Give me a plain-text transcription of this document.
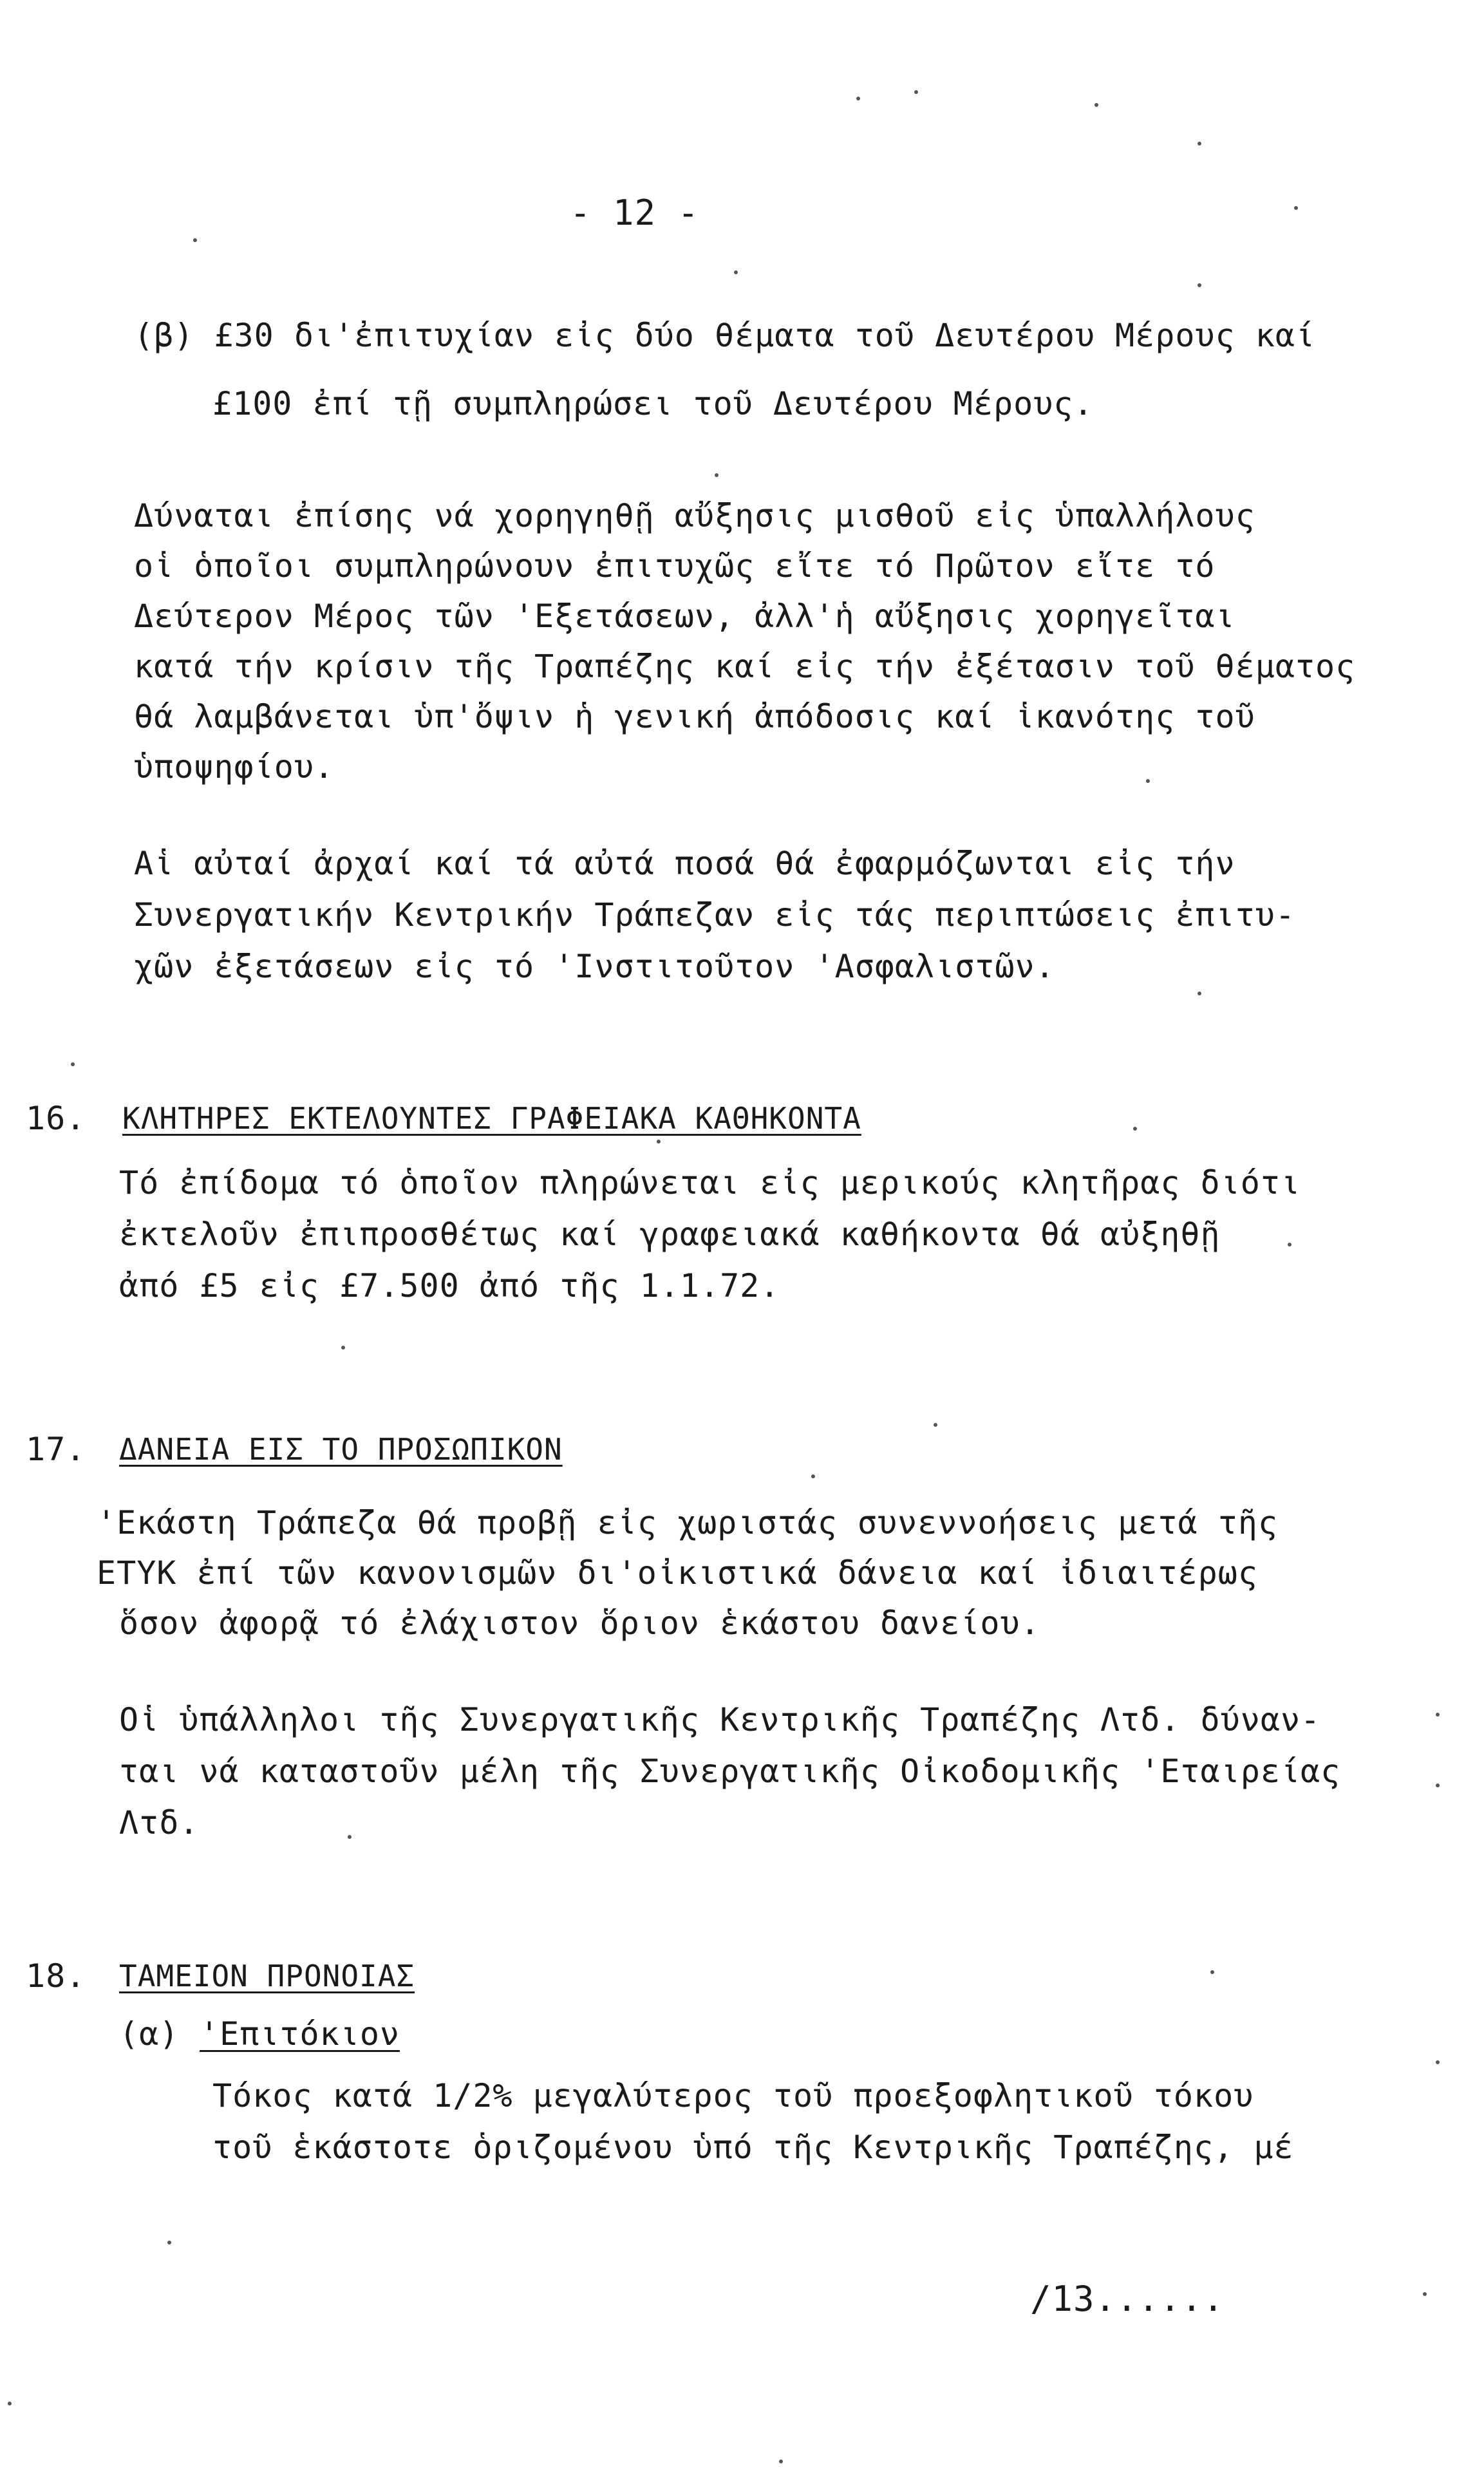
- 12 -
(β) £30 δι'ἐπιτυχίαν εἰς δύο θέματα τοῦ Δευτέρου Μέρους καί
£100 ἐπί τῇ συμπληρώσει τοῦ Δευτέρου Μέρους.
Δύναται ἐπίσης νά χορηγηθῇ αὔξησις μισθοῦ εἰς ὑπαλλήλους
οἱ ὁποῖοι συμπληρώνουν ἐπιτυχῶς εἴτε τό Πρῶτον εἴτε τό
Δεύτερον Μέρος τῶν 'Εξετάσεων, ἀλλ'ἡ αὔξησις χορηγεῖται
κατά τήν κρίσιν τῆς Τραπέζης καί εἰς τήν ἐξέτασιν τοῦ θέματος
θά λαμβάνεται ὑπ'ὄψιν ἡ γενική ἀπόδοσις καί ἱκανότης τοῦ
ὑποψηφίου.
Αἱ αὐταί ἀρχαί καί τά αὐτά ποσά θά ἐφαρμόζωνται εἰς τήν
Συνεργατικήν Κεντρικήν Τράπεζαν εἰς τάς περιπτώσεις ἐπιτυ-
χῶν ἐξετάσεων εἰς τό 'Ινστιτοῦτον 'Ασφαλιστῶν.
16. ΚΛΗΤΗΡΕΣ ΕΚΤΕΛΟΥΝΤΕΣ ΓΡΑΦΕΙΑΚΑ ΚΑΘΗΚΟΝΤΑ
Τό ἐπίδομα τό ὁποῖον πληρώνεται εἰς μερικούς κλητῆρας διότι
ἐκτελοῦν ἐπιπροσθέτως καί γραφειακά καθήκοντα θά αὐξηθῇ
ἀπό £5 εἰς £7.500 ἀπό τῆς 1.1.72.
17. ΔΑΝΕΙΑ ΕΙΣ ΤΟ ΠΡΟΣΩΠΙΚΟΝ
'Εκάστη Τράπεζα θά προβῇ εἰς χωριστάς συνεννοήσεις μετά τῆς
ΕΤΥΚ ἐπί τῶν κανονισμῶν δι'οἰκιστικά δάνεια καί ἰδιαιτέρως
ὅσον ἀφορᾷ τό ἐλάχιστον ὅριον ἑκάστου δανείου.
Οἱ ὑπάλληλοι τῆς Συνεργατικῆς Κεντρικῆς Τραπέζης Λτδ. δύναν-
ται νά καταστοῦν μέλη τῆς Συνεργατικῆς Οἰκοδομικῆς 'Εταιρείας
Λτδ.
18. ΤΑΜΕΙΟΝ ΠΡΟΝΟΙΑΣ
(α) 'Επιτόκιον
Τόκος κατά 1/2% μεγαλύτερος τοῦ προεξοφλητικοῦ τόκου
τοῦ ἑκάστοτε ὁριζομένου ὑπό τῆς Κεντρικῆς Τραπέζης, μέ
/13......
